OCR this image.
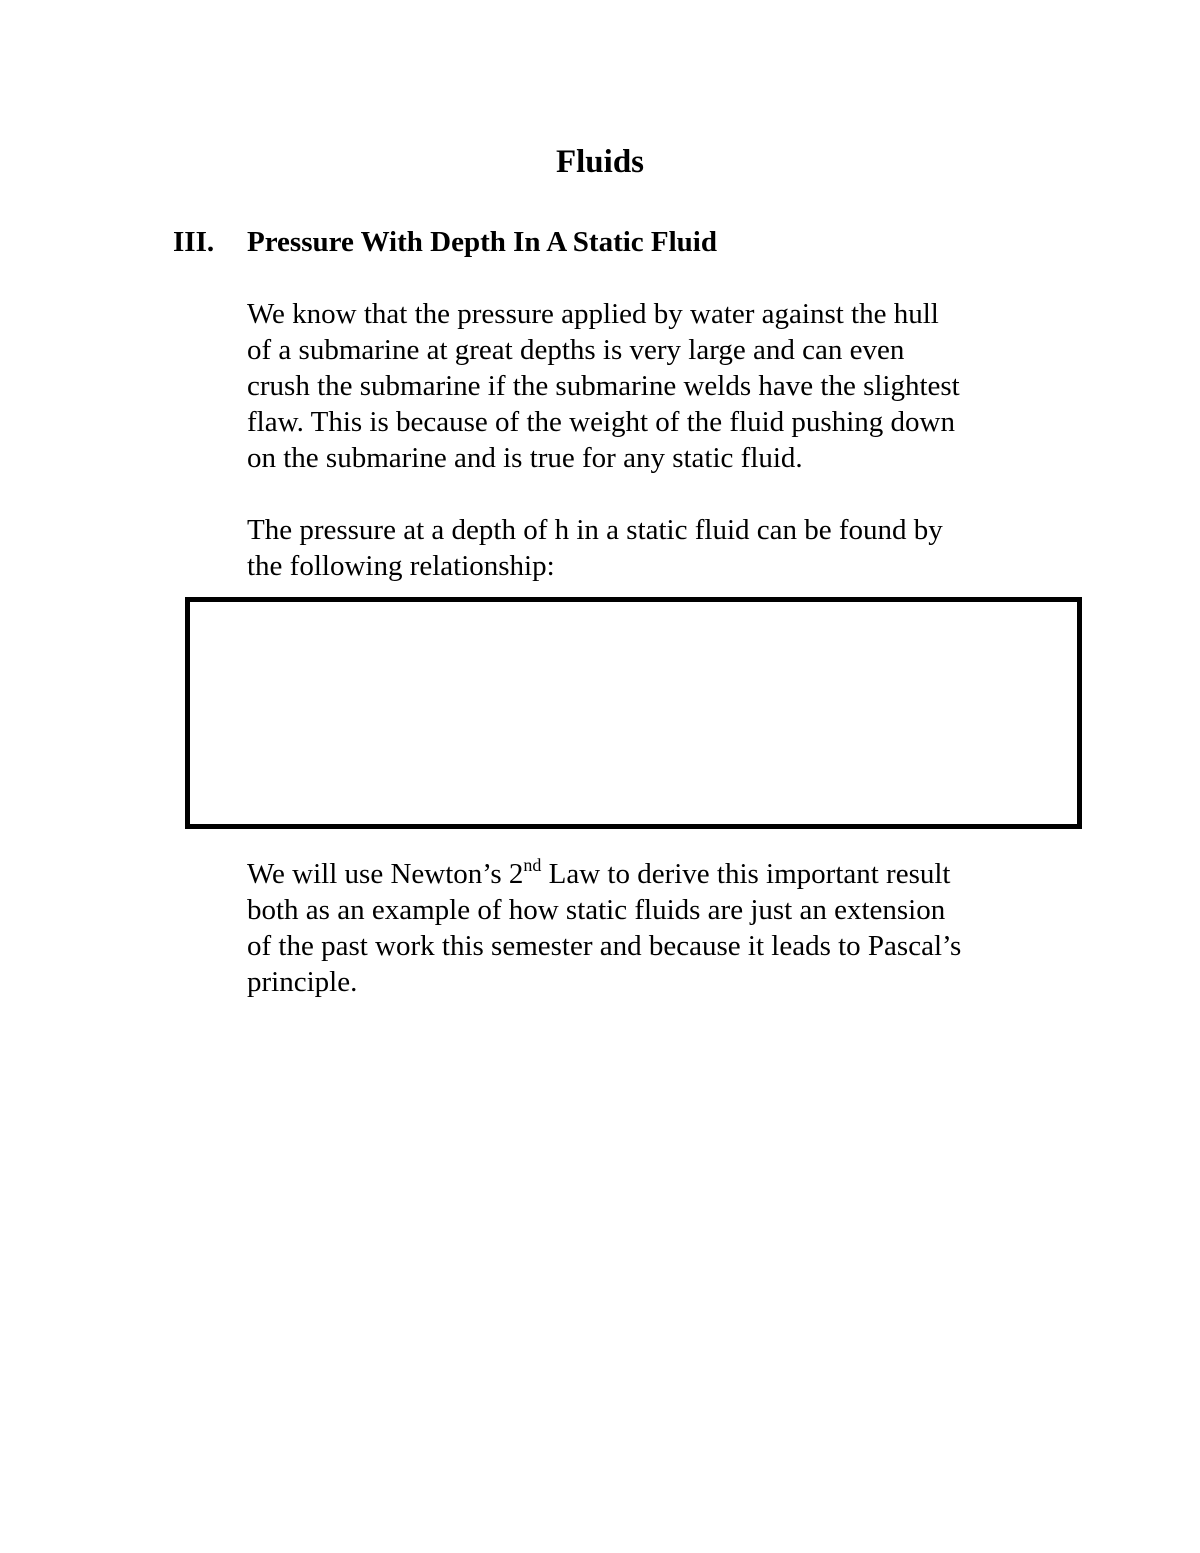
Fluids
III. Pressure With Depth In A Static Fluid
We know that the pressure applied by water against the hull
of a submarine at great depths is very large and can even
crush the submarine if the submarine welds have the slightest
flaw. This is because of the weight of the fluid pushing down
on the submarine and is true for any static fluid.
The pressure at a depth of h in a static fluid can be found by
the following relationship:
We will use Newton’s 2nd Law to derive this important result
both as an example of how static fluids are just an extension
of the past work this semester and because it leads to Pascal’s
principle.
